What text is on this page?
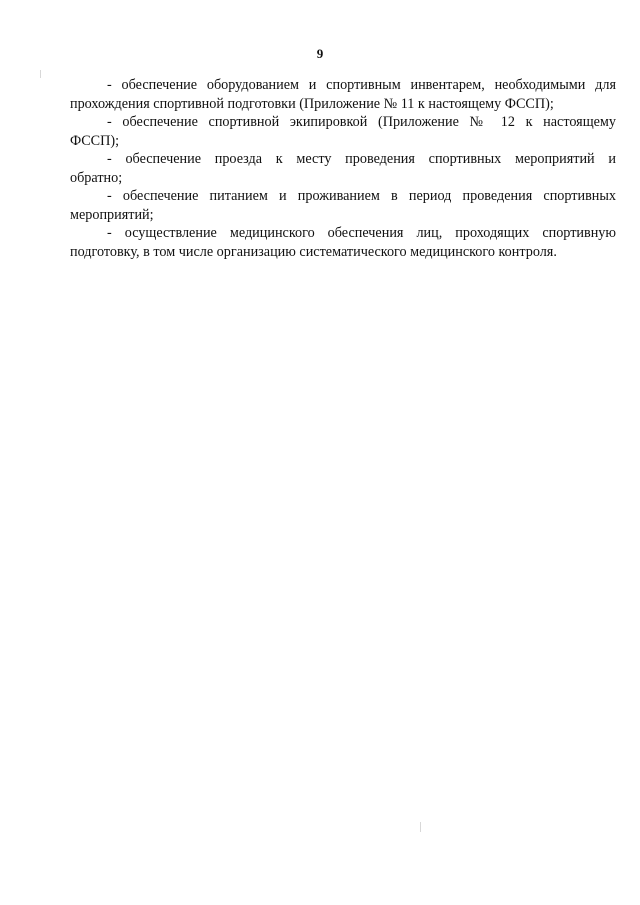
9

- обеспечение оборудованием и спортивным инвентарем, необходимыми для
прохождения спортивной подготовки (Приложение № 11 к настоящему ФССП);

- обеспечение спортивной экипировкой (Приложение № 12 к настоящему
ФССП);

- обеспечение проезда к месту проведения спортивных мероприятий и
обратно;

- обеспечение питанием и проживанием в период проведения спортивных
мероприятий;

- осуществление медицинского обеспечения лиц, проходящих спортивную
подготовку, в том числе организацию систематического медицинского контроля.
